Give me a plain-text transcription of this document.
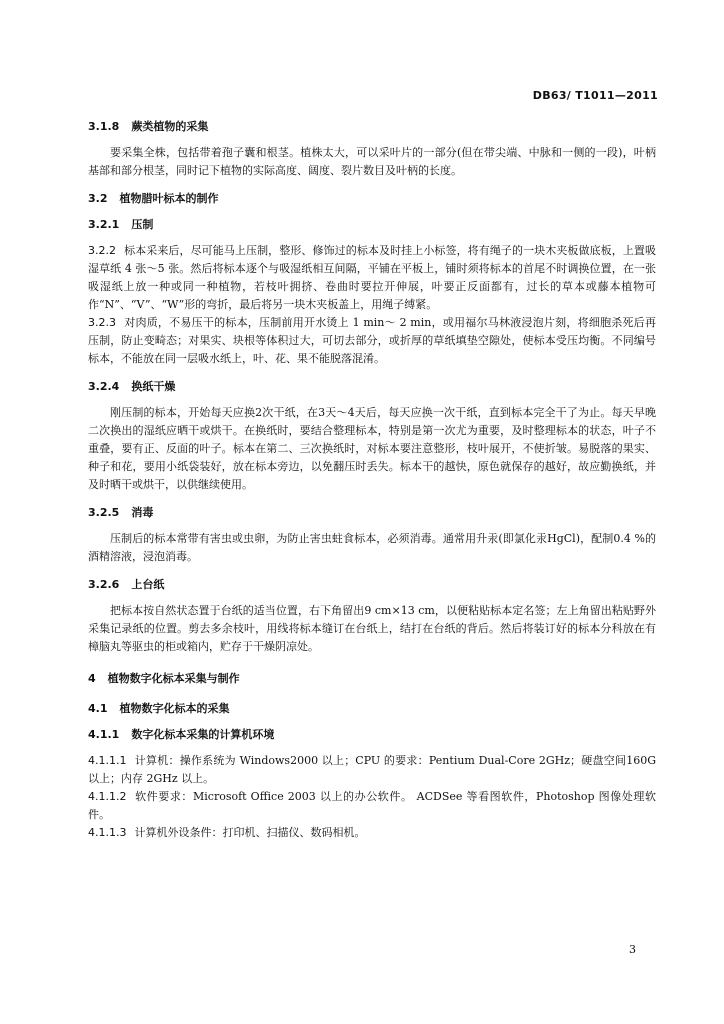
DB63/ T1011—2011
3.1.8 蕨类植物的采集

要采集全株，包括带着孢子囊和根茎。植株太大，可以采叶片的一部分(但在带尖端、中脉和一侧的一段)，叶柄基部和部分根茎，同时记下植物的实际高度、阔度、裂片数目及叶柄的长度。

3.2 植物腊叶标本的制作
3.2.1 压制

3.2.2 标本采来后，尽可能马上压制，整形、修饰过的标本及时挂上小标签，将有绳子的一块木夹板做底板，上置吸湿草纸 4 张～5 张。然后将标本逐个与吸湿纸相互间隔，平铺在平板上，铺时须将标本的首尾不时调换位置，在一张吸湿纸上放一种或同一种植物，若枝叶拥挤、卷曲时要拉开伸展，叶要正反面都有，过长的草本或藤本植物可作“N”、“V”、“W”形的弯折，最后将另一块木夹板盖上，用绳子缚紧。

3.2.3 对肉质，不易压干的标本，压制前用开水烫上 1 min～ 2 min，或用福尔马林液浸泡片刻，将细胞杀死后再压制，防止变畸态；对果实、块根等体积过大，可切去部分，或折厚的草纸填垫空隙处，使标本受压均衡。不同编号标本，不能放在同一层吸水纸上，叶、花、果不能脱落混淆。

3.2.4 换纸干燥

刚压制的标本，开始每天应换2次干纸，在3天～4天后，每天应换一次干纸，直到标本完全干了为止。每天早晚二次换出的湿纸应晒干或烘干。在换纸时，要结合整理标本，特别是第一次尤为重要，及时整理标本的状态，叶子不重叠，要有正、反面的叶子。标本在第二、三次换纸时，对标本要注意整形，枝叶展开，不使折皱。易脱落的果实、种子和花，要用小纸袋装好，放在标本旁边，以免翻压时丢失。标本干的越快，原色就保存的越好，故应勤换纸，并及时晒干或烘干，以供继续使用。

3.2.5 消毒

压制后的标本常带有害虫或虫卵，为防止害虫蛀食标本，必须消毒。通常用升汞(即氯化汞HgCl)，配制0.4 %的酒精溶液，浸泡消毒。

3.2.6 上台纸

把标本按自然状态置于台纸的适当位置，右下角留出9 cm×13 cm，以便粘贴标本定名签；左上角留出粘贴野外采集记录纸的位置。剪去多余枝叶，用线将标本缝订在台纸上，结打在台纸的背后。然后将装订好的标本分科放在有樟脑丸等驱虫的柜或箱内，贮存于干燥阴凉处。

4 植物数字化标本采集与制作
4.1 植物数字化标本的采集
4.1.1 数字化标本采集的计算机环境

4.1.1.1 计算机：操作系统为 Windows2000 以上；CPU 的要求：Pentium Dual-Core 2GHz；硬盘空间160G 以上；内存 2GHz 以上。

4.1.1.2 软件要求：Microsoft Office 2003 以上的办公软件。 ACDSee 等看图软件，Photoshop 图像处理软件。

4.1.1.3 计算机外设条件：打印机、扫描仪、数码相机。

3
